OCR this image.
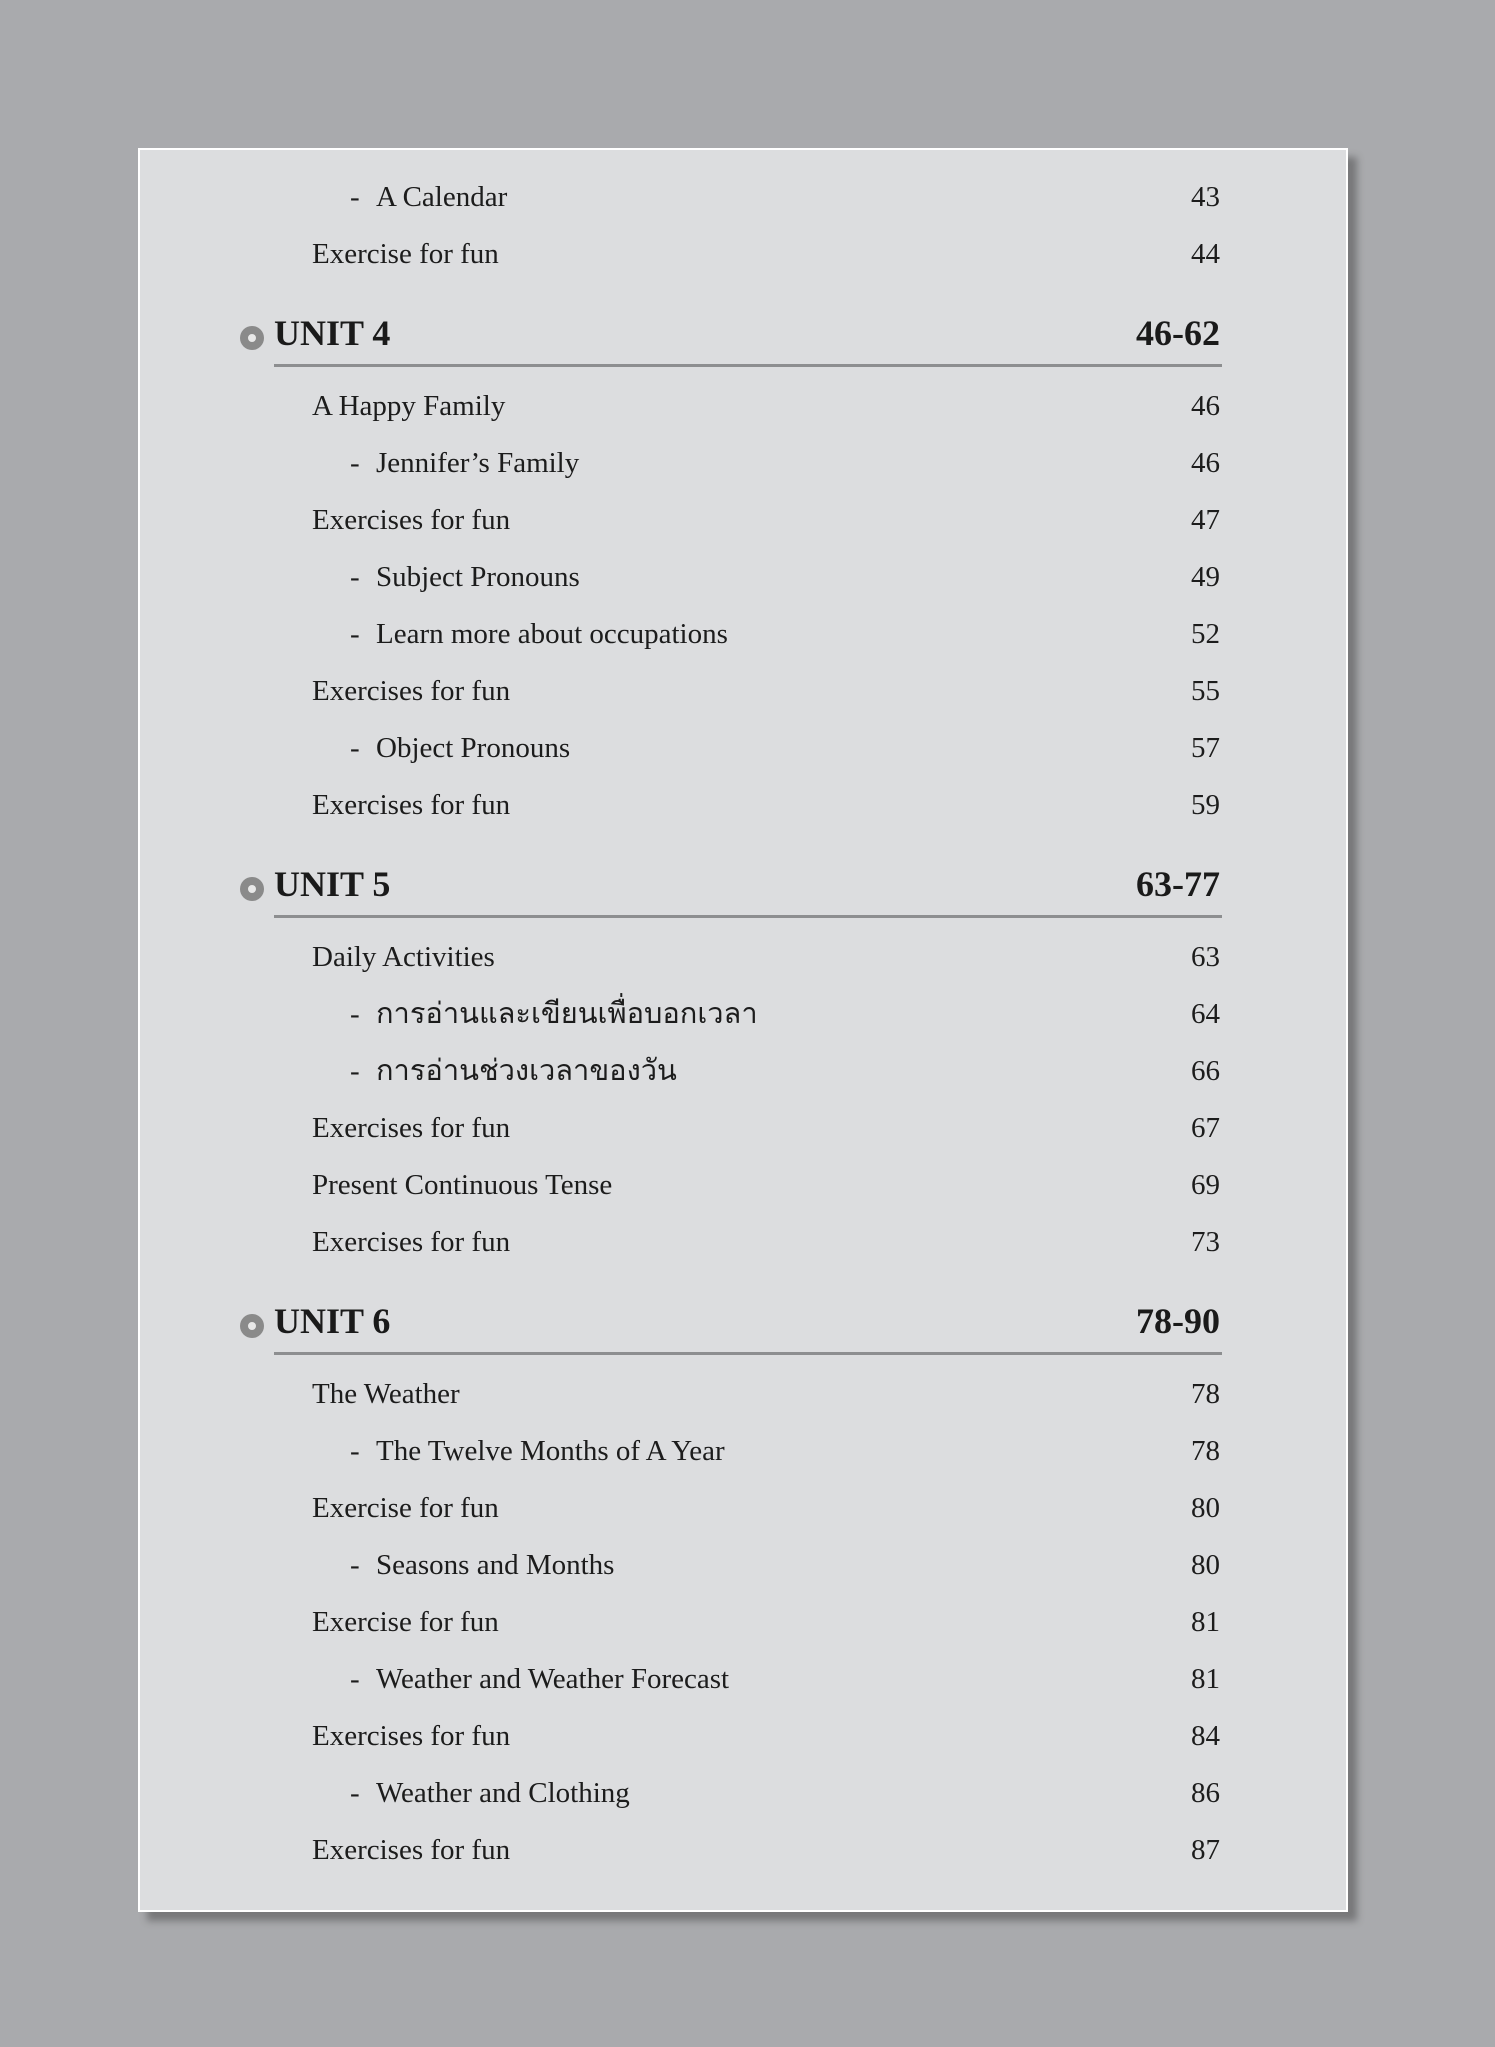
- A Calendar	43
Exercise for fun	44
UNIT 4	46-62
A Happy Family	46
- Jennifer’s Family	46
Exercises for fun	47
- Subject Pronouns	49
- Learn more about occupations	52
Exercises for fun	55
- Object Pronouns	57
Exercises for fun	59
UNIT 5	63-77
Daily Activities	63
- การอ่านและเขียนเพื่อบอกเวลา	64
- การอ่านช่วงเวลาของวัน	66
Exercises for fun	67
Present Continuous Tense	69
Exercises for fun	73
UNIT 6	78-90
The Weather	78
- The Twelve Months of A Year	78
Exercise for fun	80
- Seasons and Months	80
Exercise for fun	81
- Weather and Weather Forecast	81
Exercises for fun	84
- Weather and Clothing	86
Exercises for fun	87
